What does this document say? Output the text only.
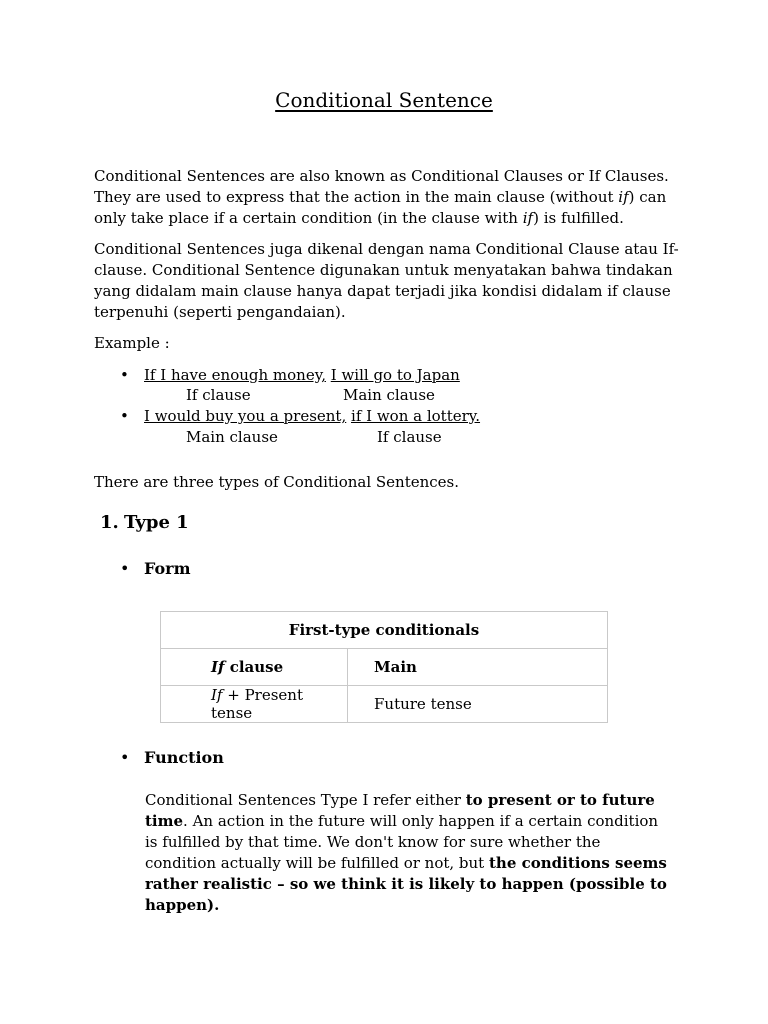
Conditional Sentence

Conditional Sentences are also known as Conditional Clauses or If Clauses. They are used to express that the action in the main clause (without if) can only take place if a certain condition (in the clause with if) is fulfilled.

Conditional Sentences juga dikenal dengan nama Conditional Clause atau If-clause. Conditional Sentence digunakan untuk menyatakan bahwa tindakan yang didalam main clause hanya dapat terjadi jika kondisi didalam if clause terpenuhi (seperti pengandaian).

Example :
• If I have enough money, I will go to Japan
If clause	Main clause
• I would buy you a present, if I won a lottery.
Main clause	If clause
There are three types of Conditional Sentences.
1. Type 1
• Form
First-type conditionals	
If clause	Main
If + Present tense	Future tense
• Function

Conditional Sentences Type I refer either to present or to future time. An action in the future will only happen if a certain condition is fulfilled by that time. We don't know for sure whether the condition actually will be fulfilled or not, but the conditions seems rather realistic – so we think it is likely to happen (possible to happen).
